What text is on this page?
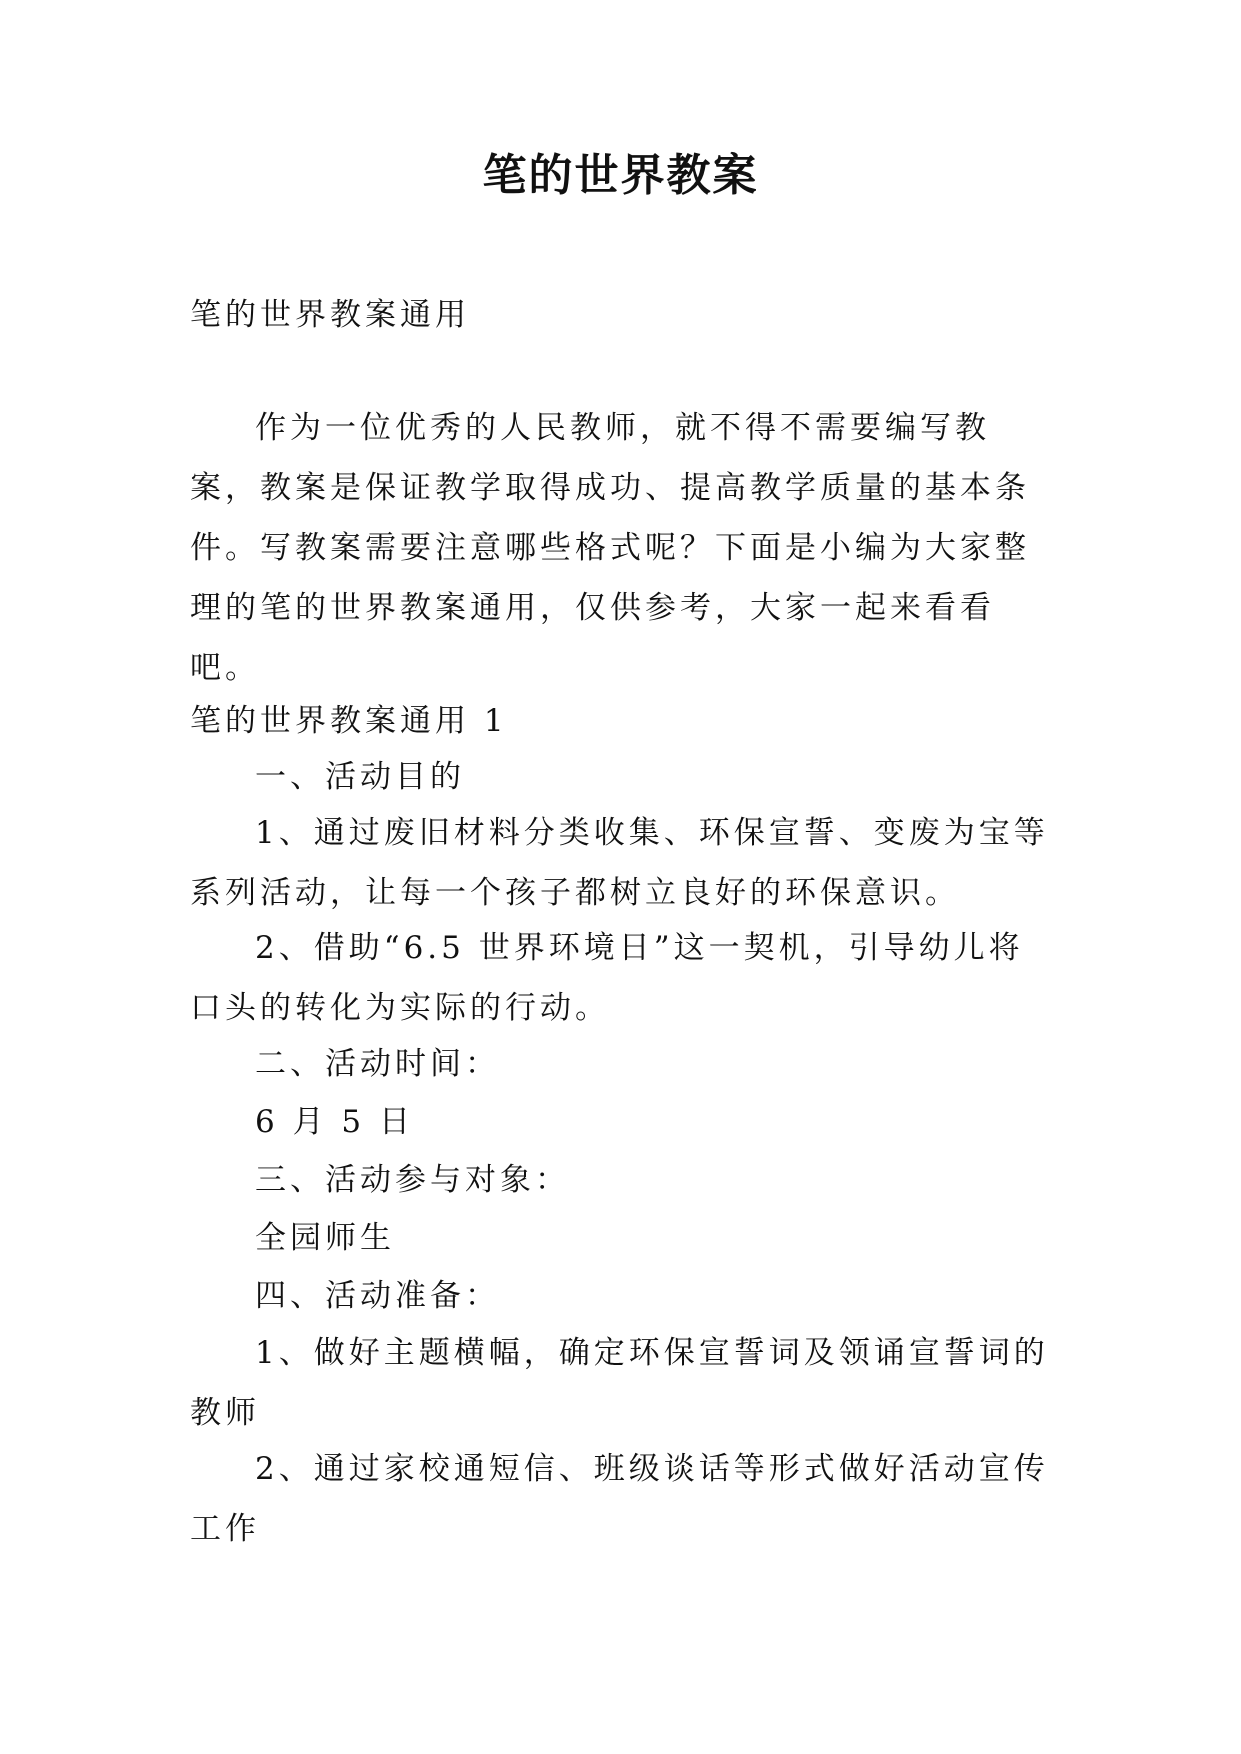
笔的世界教案
笔的世界教案通用
作为一位优秀的人民教师，就不得不需要编写教案，教案是保证教学取得成功、提高教学质量的基本条件。写教案需要注意哪些格式呢？下面是小编为大家整理的笔的世界教案通用，仅供参考，大家一起来看看吧。
笔的世界教案通用 1
一、活动目的
1、通过废旧材料分类收集、环保宣誓、变废为宝等系列活动，让每一个孩子都树立良好的环保意识。
2、借助“6.5 世界环境日”这一契机，引导幼儿将口头的转化为实际的行动。
二、活动时间：
6 月 5 日
三、活动参与对象：
全园师生
四、活动准备：
1、做好主题横幅，确定环保宣誓词及领诵宣誓词的教师
2、通过家校通短信、班级谈话等形式做好活动宣传工作
